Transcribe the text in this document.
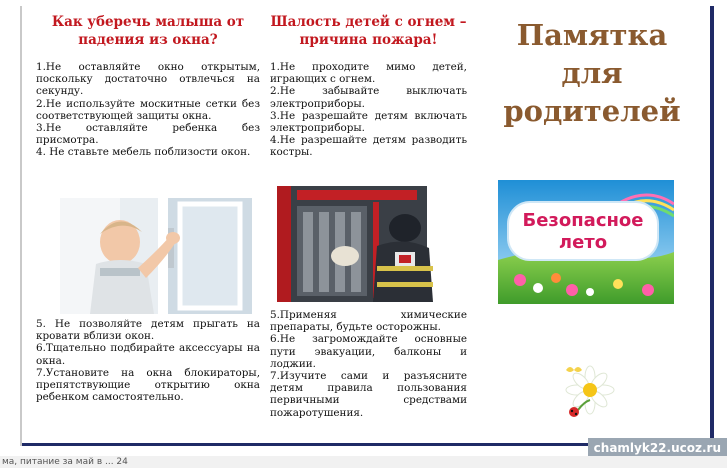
Как уберечь малыша от падения из окна?

1.Не оставляйте окно открытым, поскольку достаточно отвлечься на секунду.
2.Не используйте москитные сетки без соответствующей защиты окна.
3.Не оставляйте ребенка без присмотра.
4. Не ставьте мебель поблизости окон.
5. Не позволяйте детям прыгать на кровати вблизи окон.
6.Тщательно подбирайте аксессуары на окна.
7.Установите на окна блокираторы, препятствующие открытию окна ребенком самостоятельно.

Шалость детей с огнем – причина пожара!

1.Не проходите мимо детей, играющих с огнем.
2.Не забывайте выключать электроприборы.
3.Не разрешайте детям включать электроприборы.
4.Не разрешайте детям разводить костры.
5.Применяя химические препараты, будьте осторожны.
6.Не загромождайте основные пути эвакуации, балконы и лоджии.
7.Изучите сами и разъясните детям правила пользования первичными средствами пожаротушения.

Памятка

для

родителей

Безопасное
лето
chamlyk22.ucoz.ru
ма, питание за май в ... 24
